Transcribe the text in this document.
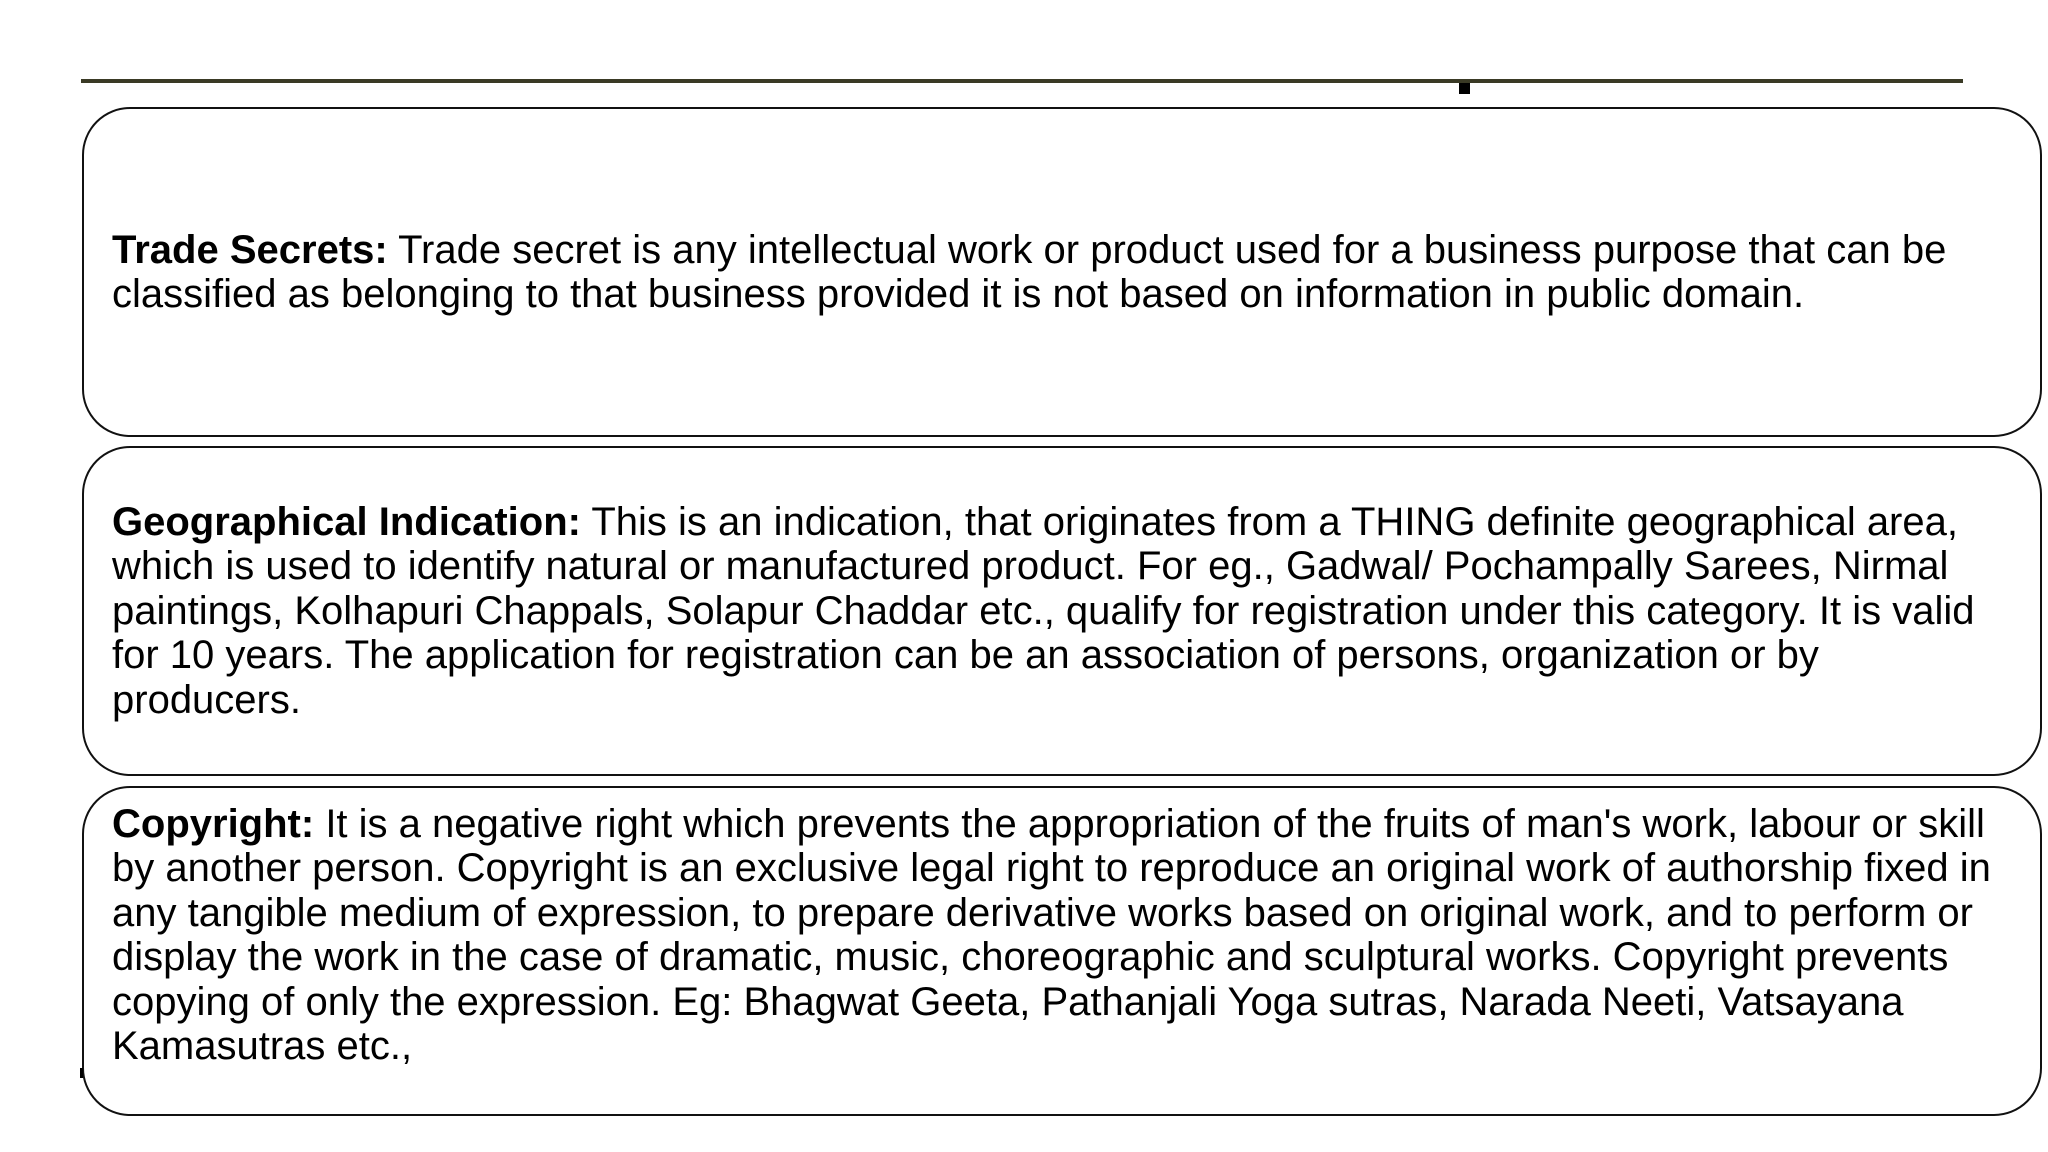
Trade Secrets: Trade secret is any intellectual work or product used for a business purpose that can be classified as belonging to that business provided it is not based on information in public domain.

Geographical Indication: This is an indication, that originates from a THING definite geographical area, which is used to identify natural or manufactured product. For eg., Gadwal/ Pochampally Sarees, Nirmal paintings, Kolhapuri Chappals, Solapur Chaddar etc., qualify for registration under this category. It is valid for 10 years. The application for registration can be an association of persons, organization or by producers.

Copyright: It is a negative right which prevents the appropriation of the fruits of man's work, labour or skill by another person. Copyright is an exclusive legal right to reproduce an original work of authorship fixed in any tangible medium of expression, to prepare derivative works based on original work, and to perform or display the work in the case of dramatic, music, choreographic and sculptural works. Copyright prevents copying of only the expression. Eg: Bhagwat Geeta, Pathanjali Yoga sutras, Narada Neeti, Vatsayana Kamasutras etc.,
